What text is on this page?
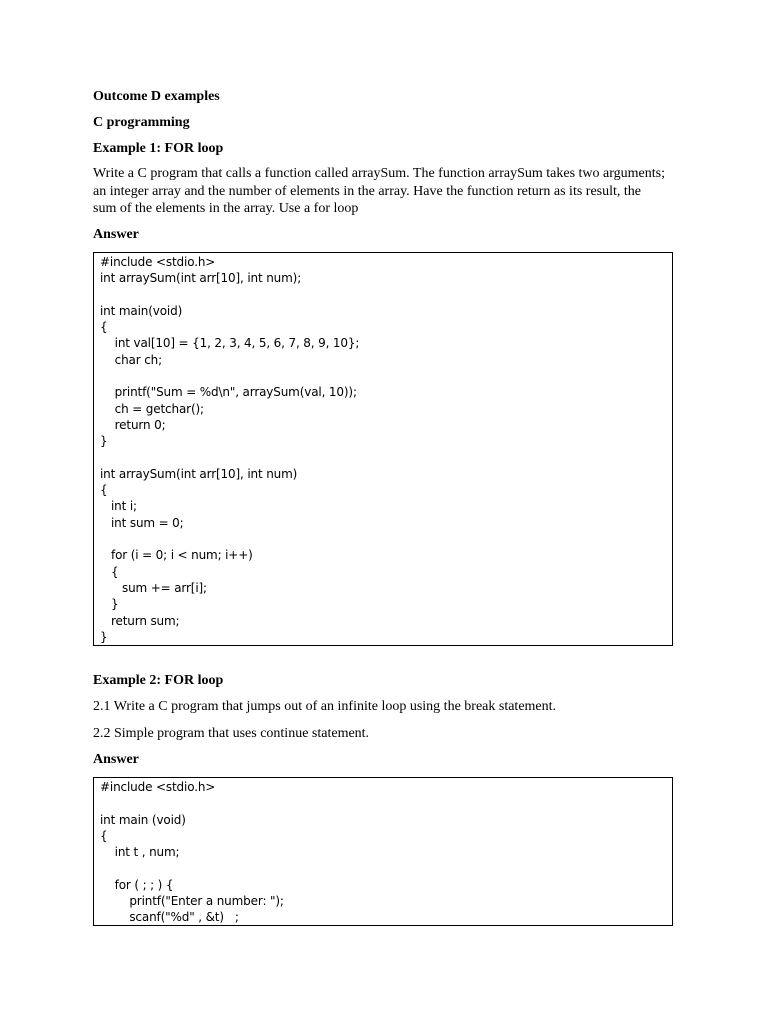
Outcome D examples
C programming
Example 1: FOR loop
Write a C program that calls a function called arraySum. The function arraySum takes two arguments;
an integer array and the number of elements in the array. Have the function return as its result, the
sum of the elements in the array. Use a for loop
Answer
#include <stdio.h>
int arraySum(int arr[10], int num);
int main(void)
{
int val[10] = {1, 2, 3, 4, 5, 6, 7, 8, 9, 10};
char ch;
printf("Sum = %d\n", arraySum(val, 10));
ch = getchar();
return 0;
}
int arraySum(int arr[10], int num)
{
int i;
int sum = 0;
for (i = 0; i < num; i++)
{
sum += arr[i];
}
return sum;
}
Example 2: FOR loop
2.1 Write a C program that jumps out of an infinite loop using the break statement.
2.2 Simple program that uses continue statement.
Answer
#include <stdio.h>
int main (void)
{
int t , num;
for ( ; ; ) {
printf("Enter a number: ");
scanf("%d" , &t)   ;
